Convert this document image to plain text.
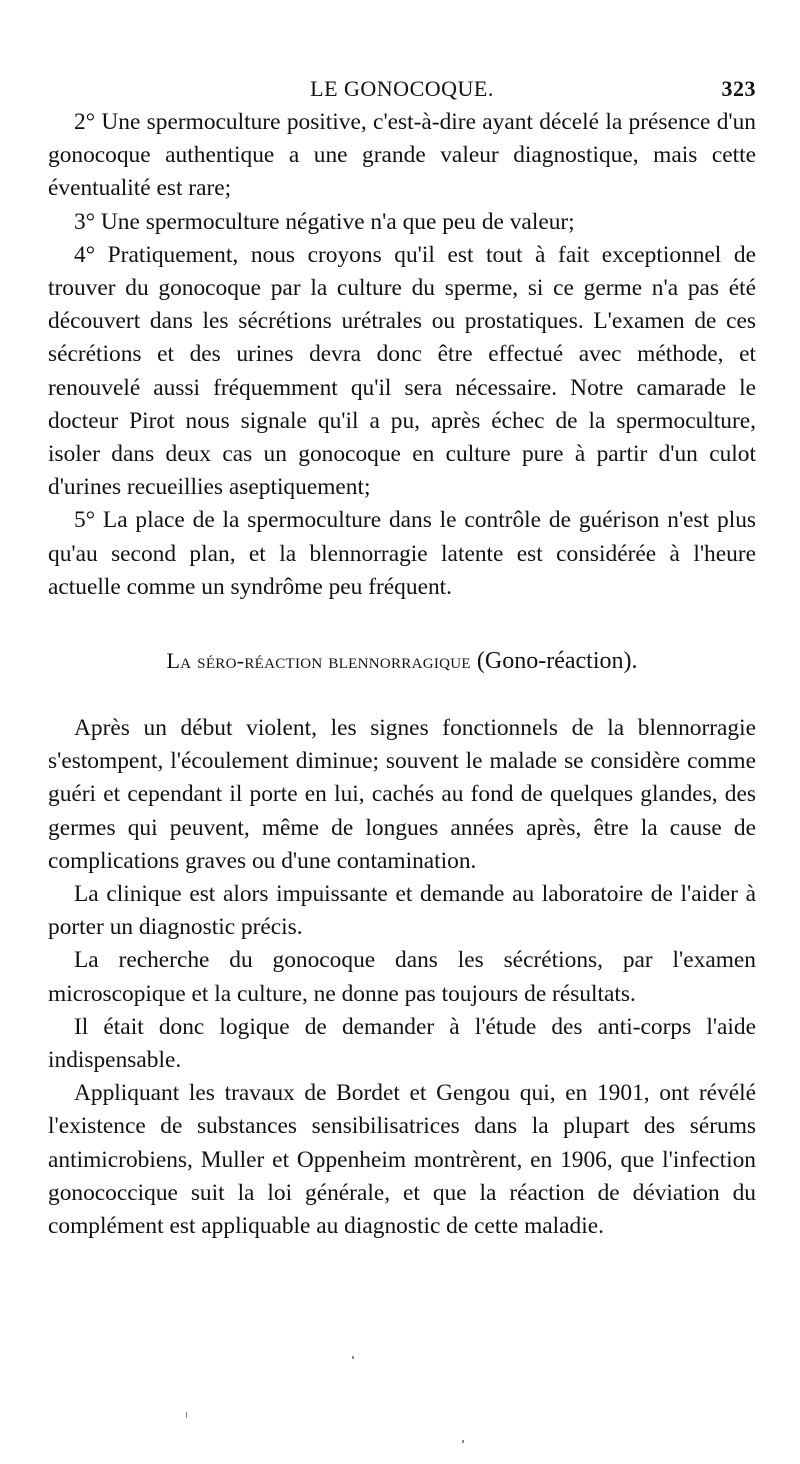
LE GONOCOQUE.	323

2° Une spermoculture positive, c'est-à-dire ayant décelé la présence d'un gonocoque authentique a une grande valeur diagnostique, mais cette éventualité est rare;

3° Une spermoculture négative n'a que peu de valeur;

4° Pratiquement, nous croyons qu'il est tout à fait exceptionnel de trouver du gonocoque par la culture du sperme, si ce germe n'a pas été découvert dans les sécrétions urétrales ou prostatiques. L'examen de ces sécrétions et des urines devra donc être effectué avec méthode, et renouvelé aussi fréquemment qu'il sera nécessaire. Notre camarade le docteur Pirot nous signale qu'il a pu, après échec de la spermoculture, isoler dans deux cas un gonocoque en culture pure à partir d'un culot d'urines recueillies aseptiquement;

5° La place de la spermoculture dans le contrôle de guérison n'est plus qu'au second plan, et la blennorragie latente est considérée à l'heure actuelle comme un syndrôme peu fréquent.

La séro-réaction blennorragique (Gono-réaction).

Après un début violent, les signes fonctionnels de la blennorragie s'estompent, l'écoulement diminue; souvent le malade se considère comme guéri et cependant il porte en lui, cachés au fond de quelques glandes, des germes qui peuvent, même de longues années après, être la cause de complications graves ou d'une contamination.

La clinique est alors impuissante et demande au laboratoire de l'aider à porter un diagnostic précis.

La recherche du gonocoque dans les sécrétions, par l'examen microscopique et la culture, ne donne pas toujours de résultats.

Il était donc logique de demander à l'étude des anti-corps l'aide indispensable.

Appliquant les travaux de Bordet et Gengou qui, en 1901, ont révélé l'existence de substances sensibilisatrices dans la plupart des sérums antimicrobiens, Muller et Oppenheim montrèrent, en 1906, que l'infection gonococcique suit la loi générale, et que la réaction de déviation du complément est appliquable au diagnostic de cette maladie.
